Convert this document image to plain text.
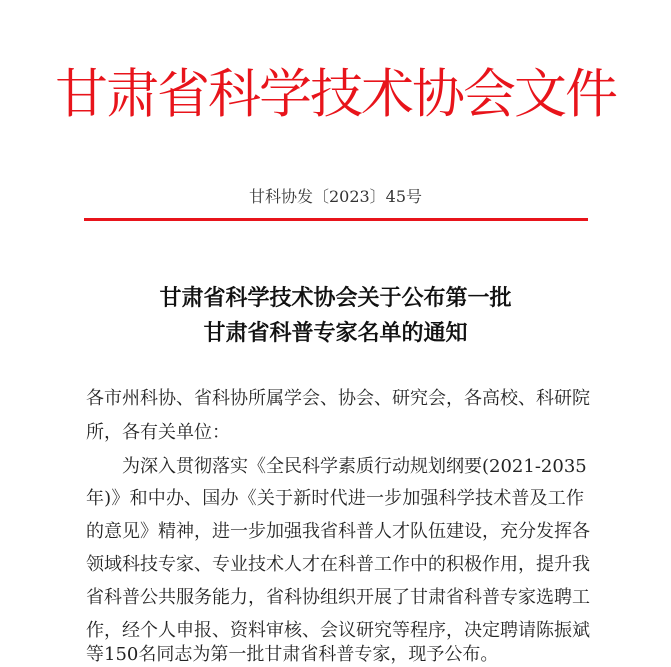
甘肃省科学技术协会文件
甘科协发〔2023〕45号
甘肃省科学技术协会关于公布第一批
甘肃省科普专家名单的通知
各市州科协、省科协所属学会、协会、研究会，各高校、科研院
所，各有关单位：
为深入贯彻落实《全民科学素质行动规划纲要(2021-2035
年)》和中办、国办《关于新时代进一步加强科学技术普及工作
的意见》精神，进一步加强我省科普人才队伍建设，充分发挥各
领域科技专家、专业技术人才在科普工作中的积极作用，提升我
省科普公共服务能力，省科协组织开展了甘肃省科普专家选聘工
作，经个人申报、资料审核、会议研究等程序，决定聘请陈振斌
等150名同志为第一批甘肃省科普专家，现予公布。
